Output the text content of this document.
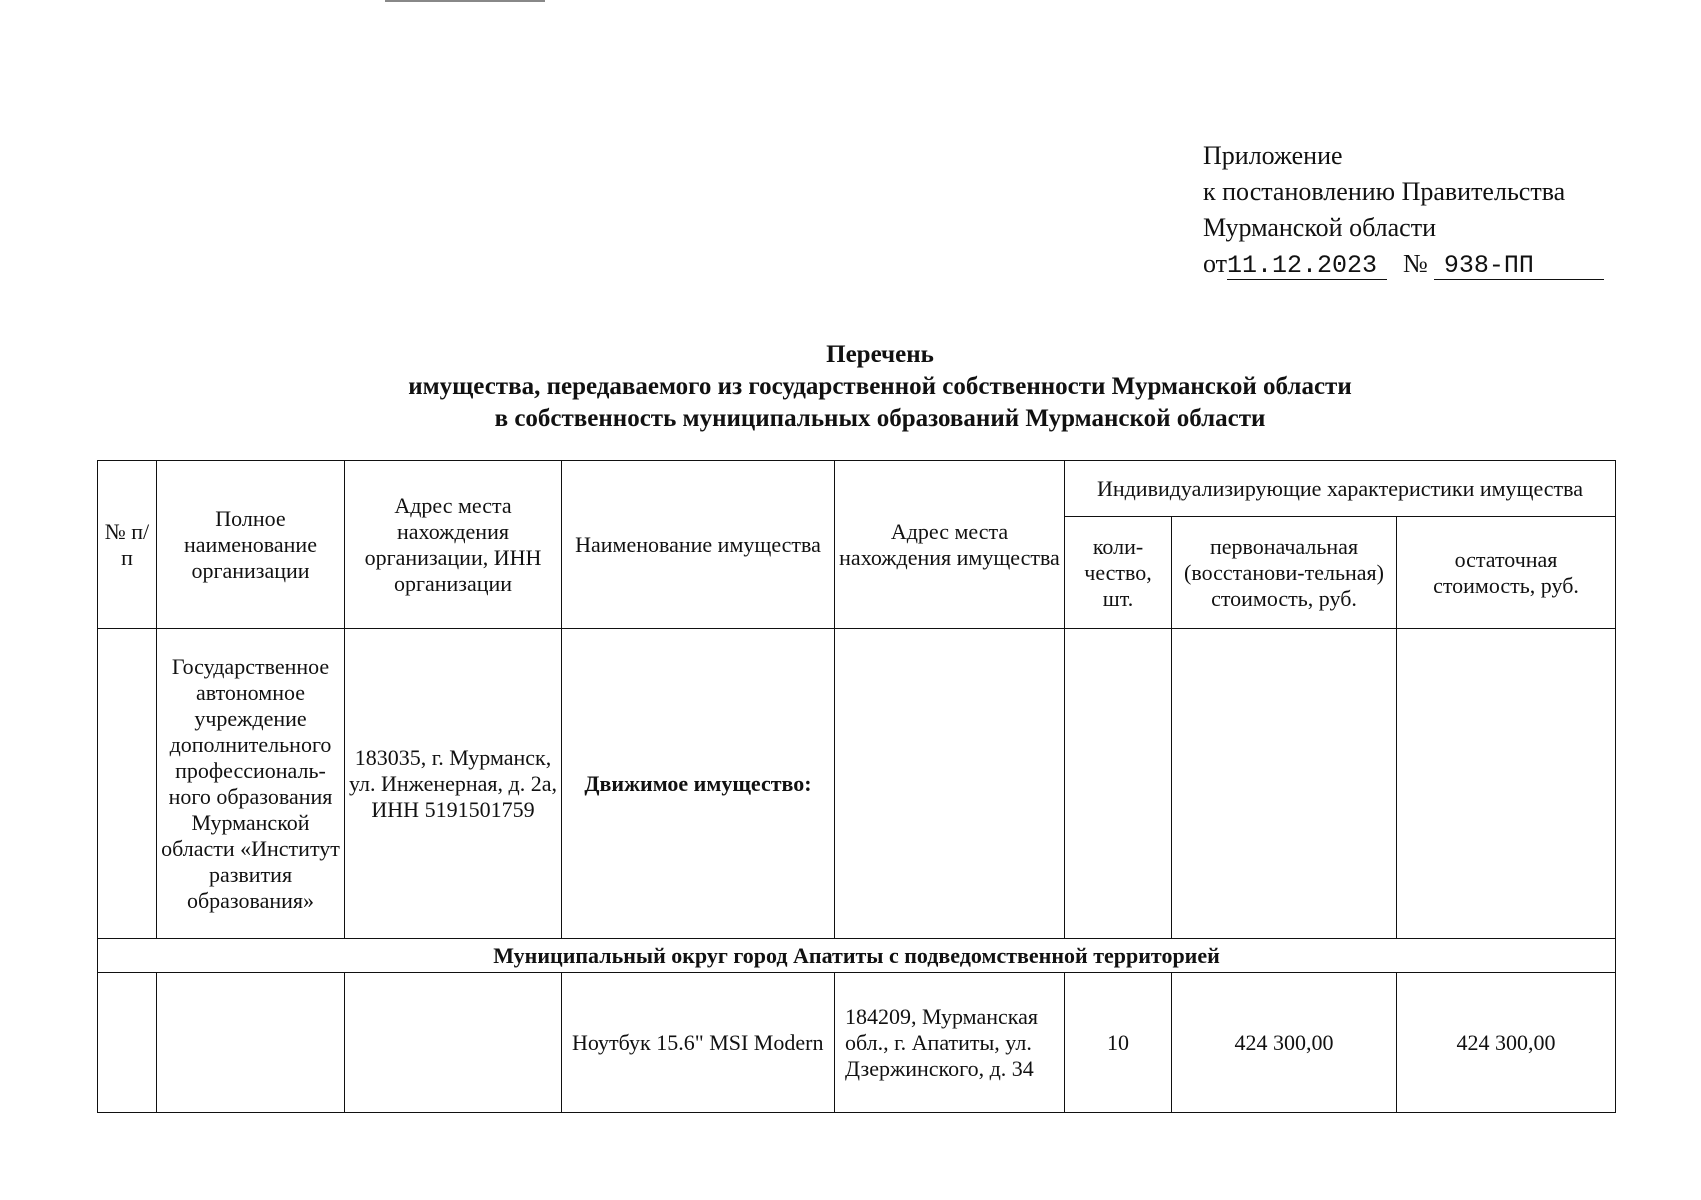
Приложение
к постановлению Правительства
Мурманской области
от11.12.2023 № 938-ПП
Перечень
имущества, передаваемого из государственной собственности Мурманской области
в собственность муниципальных образований Мурманской области
№ п/п	Полное наименование организации	Адрес места нахождения организации, ИНН организации	Наименование имущества	Адрес места нахождения имущества	Индивидуализирующие характеристики имущества		
					коли-чество, шт.	первоначальная (восстанови-тельная) стоимость, руб.	остаточная стоимость, руб.
	Государственное автономное учреждение дополнительного профессиональ-ного образования Мурманской области «Институт развития образования»	183035, г. Мурманск, ул. Инженерная, д. 2а, ИНН 5191501759	Движимое имущество:				
Муниципальный округ город Апатиты с подведомственной территорией							
			Ноутбук 15.6" MSI Modern	184209, Мурманская обл., г. Апатиты, ул. Дзержинского, д. 34	10	424 300,00	424 300,00
